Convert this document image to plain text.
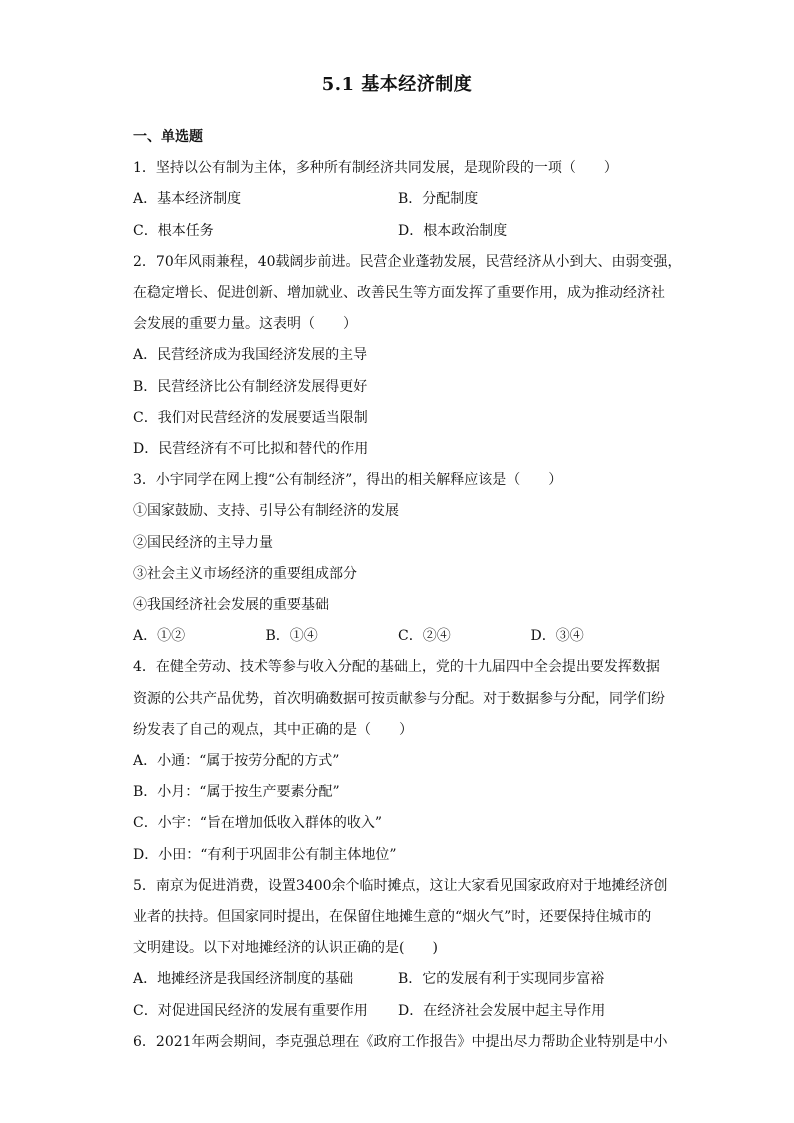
5.1 基本经济制度
一、单选题
1．坚持以公有制为主体，多种所有制经济共同发展，是现阶段的一项（　　）
A．基本经济制度	B．分配制度
C．根本任务	D．根本政治制度
2．70年风雨兼程，40载阔步前进。民营企业蓬勃发展，民营经济从小到大、由弱变强，
在稳定增长、促进创新、增加就业、改善民生等方面发挥了重要作用，成为推动经济社
会发展的重要力量。这表明（　　）
A．民营经济成为我国经济发展的主导
B．民营经济比公有制经济发展得更好
C．我们对民营经济的发展要适当限制
D．民营经济有不可比拟和替代的作用
3．小宇同学在网上搜“公有制经济”，得出的相关解释应该是（　　）
①国家鼓励、支持、引导公有制经济的发展
②国民经济的主导力量
③社会主义市场经济的重要组成部分
④我国经济社会发展的重要基础
A．①②	B．①④	C．②④	D．③④
4．在健全劳动、技术等参与收入分配的基础上，党的十九届四中全会提出要发挥数据
资源的公共产品优势，首次明确数据可按贡献参与分配。对于数据参与分配，同学们纷
纷发表了自己的观点，其中正确的是（　　）
A．小通：“属于按劳分配的方式”
B．小月：“属于按生产要素分配”
C．小宇：“旨在增加低收入群体的收入”
D．小田：“有利于巩固非公有制主体地位”
5．南京为促进消费，设置3400余个临时摊点，这让大家看见国家政府对于地摊经济创
业者的扶持。但国家同时提出，在保留住地摊生意的“烟火气”时，还要保持住城市的
文明建设。以下对地摊经济的认识正确的是(　　)
A．地摊经济是我国经济制度的基础	B．它的发展有利于实现同步富裕
C．对促进国民经济的发展有重要作用	D．在经济社会发展中起主导作用
6．2021年两会期间，李克强总理在《政府工作报告》中提出尽力帮助企业特别是中小
